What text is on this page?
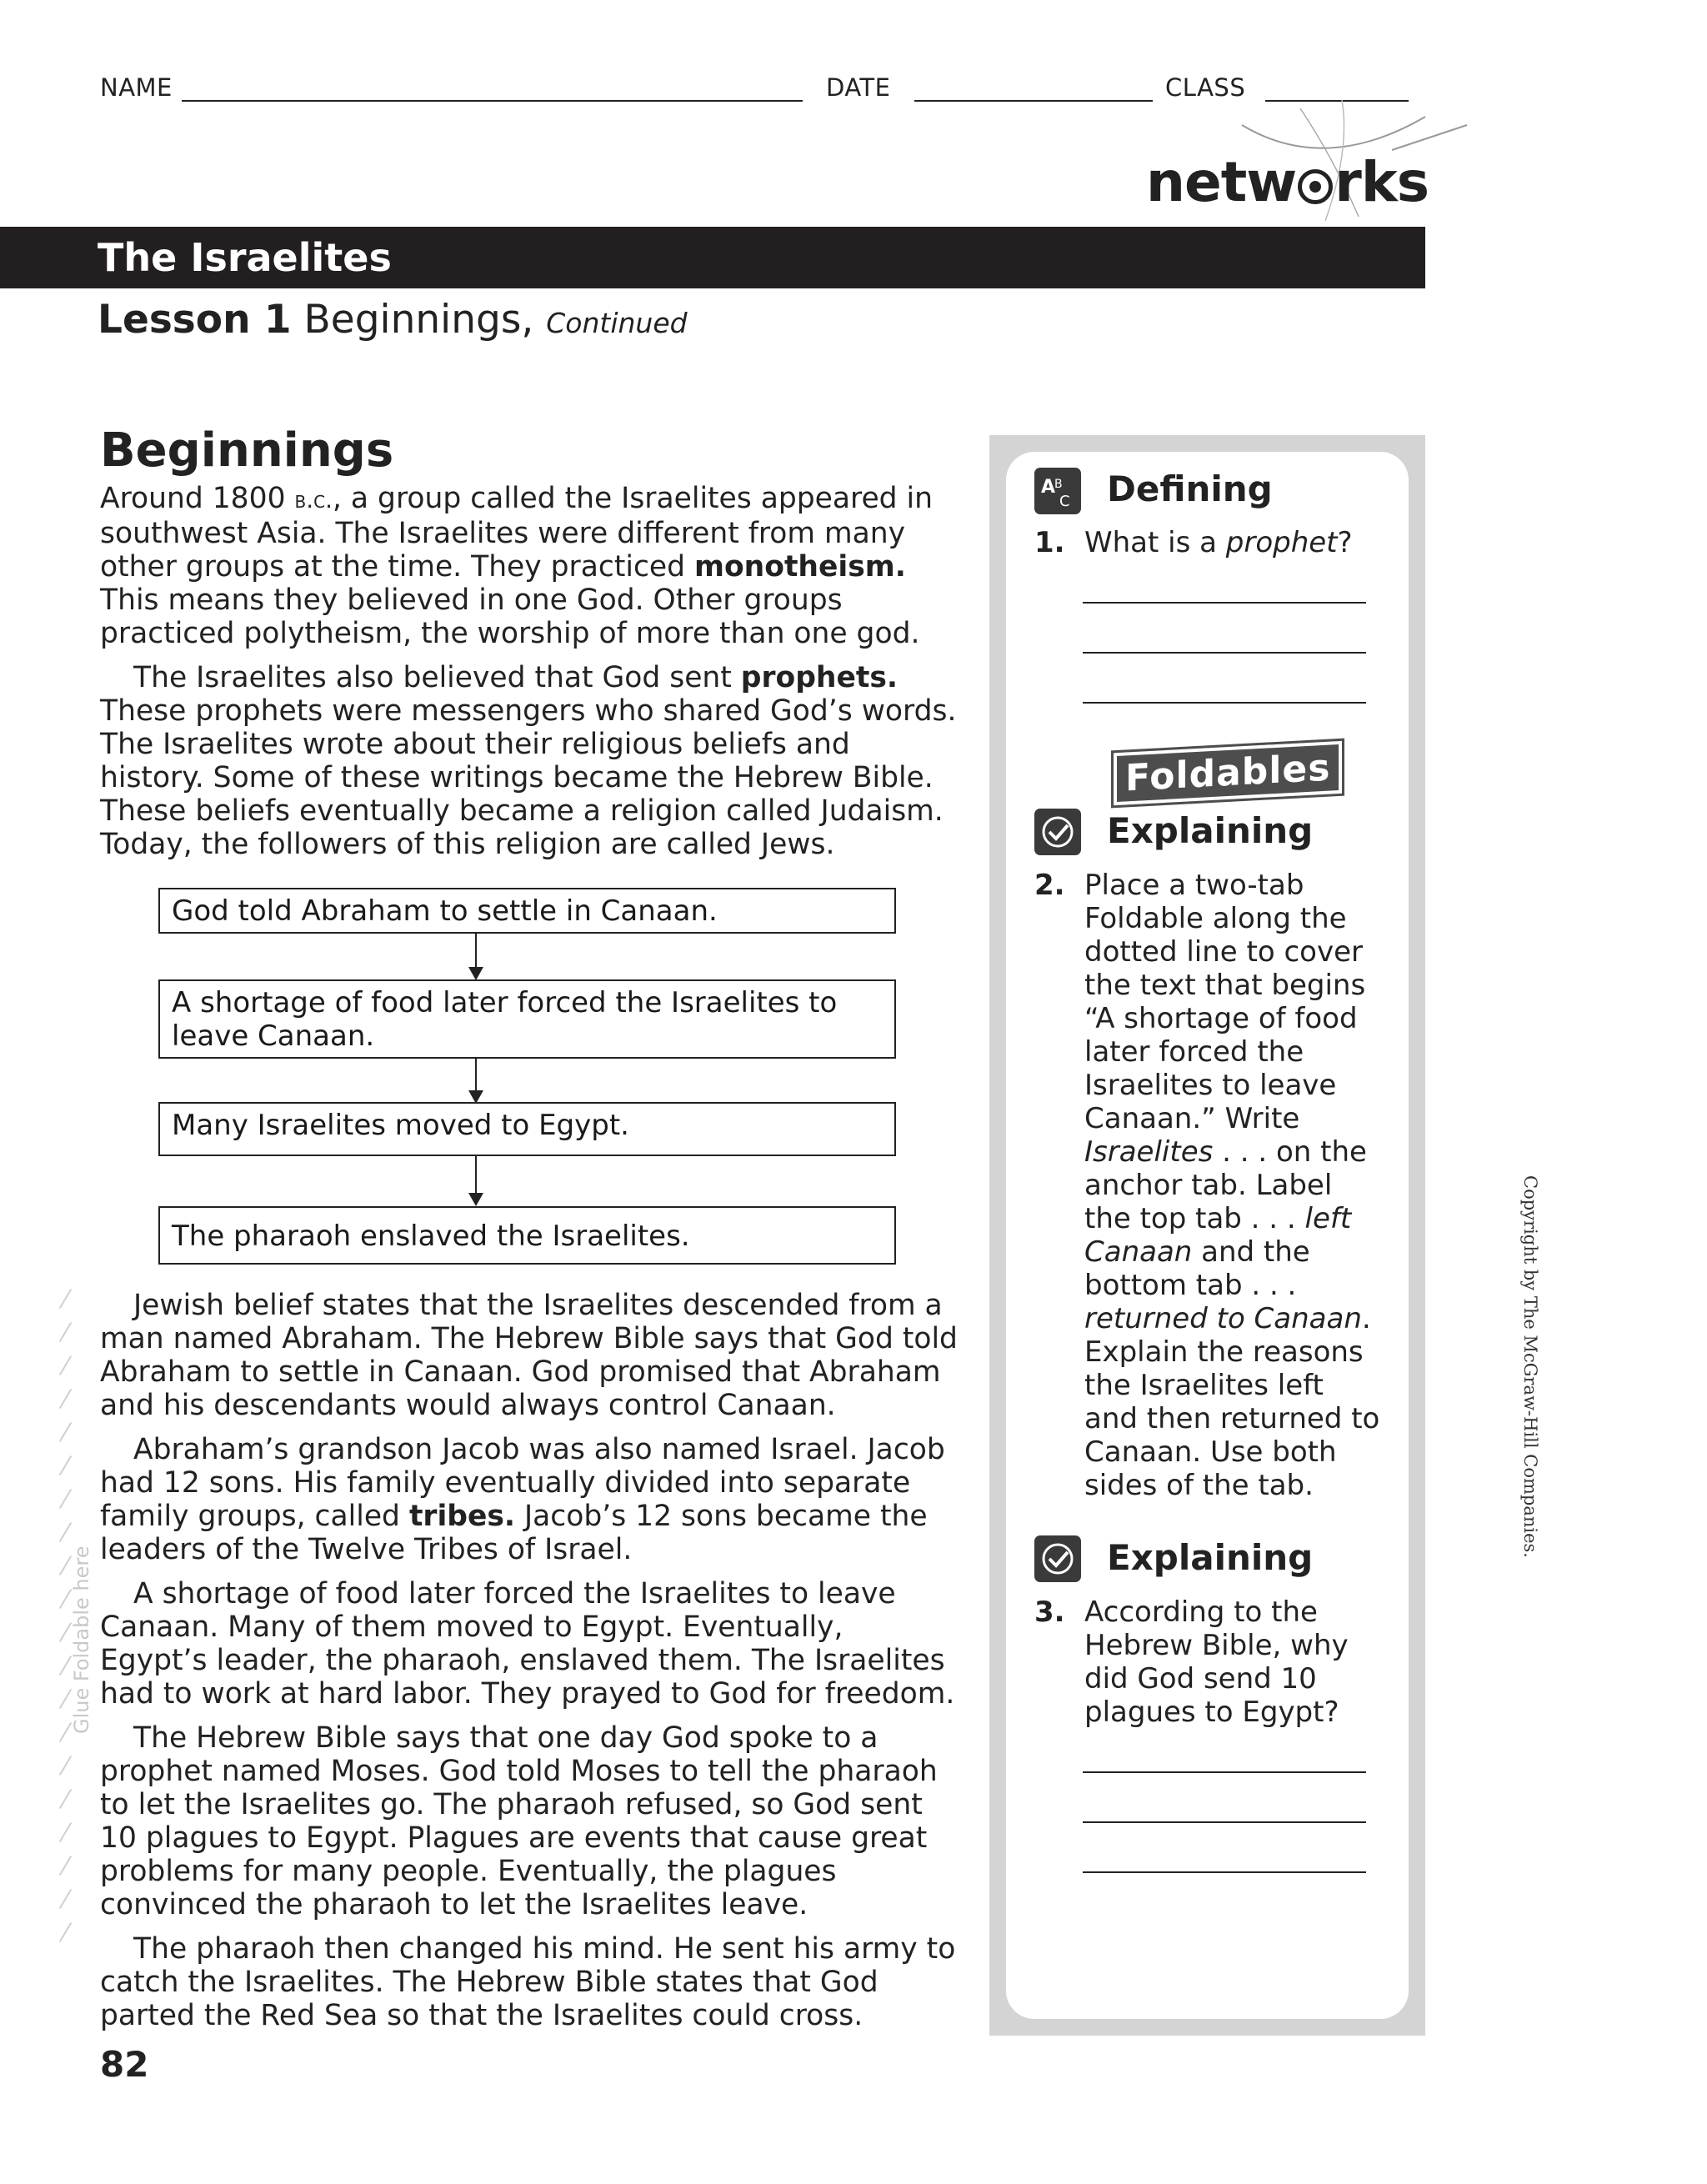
NAME	DATE	CLASS
netw rks
The Israelites
Lesson 1 Beginnings, Continued
Beginnings

Around 1800 b.c., a group called the Israelites appeared in southwest Asia. The Israelites were different from many other groups at the time. They practiced monotheism. This means they believed in one God. Other groups practiced polytheism, the worship of more than one god.

The Israelites also believed that God sent prophets. These prophets were messengers who shared God’s words. The Israelites wrote about their religious beliefs and history. Some of these writings became the Hebrew Bible. These beliefs eventually became a religion called Judaism. Today, the followers of this religion are called Jews.

God told Abraham to settle in Canaan.
A shortage of food later forced the Israelites to leave Canaan.
Many Israelites moved to Egypt.
The pharaoh enslaved the Israelites.
⁄
⁄
⁄
⁄
⁄
⁄
⁄
⁄
⁄
⁄
⁄
⁄
⁄
⁄
⁄
⁄
⁄
⁄
⁄
⁄
Glue Foldable here

Jewish belief states that the Israelites descended from a man named Abraham. The Hebrew Bible says that God told Abraham to settle in Canaan. God promised that Abraham and his descendants would always control Canaan.

Abraham’s grandson Jacob was also named Israel. Jacob had 12 sons. His family eventually divided into separate family groups, called tribes. Jacob’s 12 sons became the leaders of the Twelve Tribes of Israel.

A shortage of food later forced the Israelites to leave Canaan. Many of them moved to Egypt. Eventually, Egypt’s leader, the pharaoh, enslaved them. The Israelites had to work at hard labor. They prayed to God for freedom.

The Hebrew Bible says that one day God spoke to a prophet named Moses. God told Moses to tell the pharaoh to let the Israelites go. The pharaoh refused, so God sent 10 plagues to Egypt. Plagues are events that cause great problems for many people. Eventually, the plagues convinced the pharaoh to let the Israelites leave.

The pharaoh then changed his mind. He sent his army to catch the Israelites. The Hebrew Bible states that God parted the Red Sea so that the Israelites could cross.

82
A
B
C Defining
1. What is a prophet?
Foldables
Explaining
2. Place a two-tab Foldable along the dotted line to cover the text that begins “A shortage of food later forced the Israelites to leave Canaan.” Write Israelites . . . on the anchor tab. Label the top tab . . . left Canaan and the bottom tab . . . returned to Canaan. Explain the reasons the Israelites left and then returned to Canaan. Use both sides of the tab.
Explaining
3. According to the Hebrew Bible, why did God send 10 plagues to Egypt?
Copyright by The McGraw-Hill Companies.
